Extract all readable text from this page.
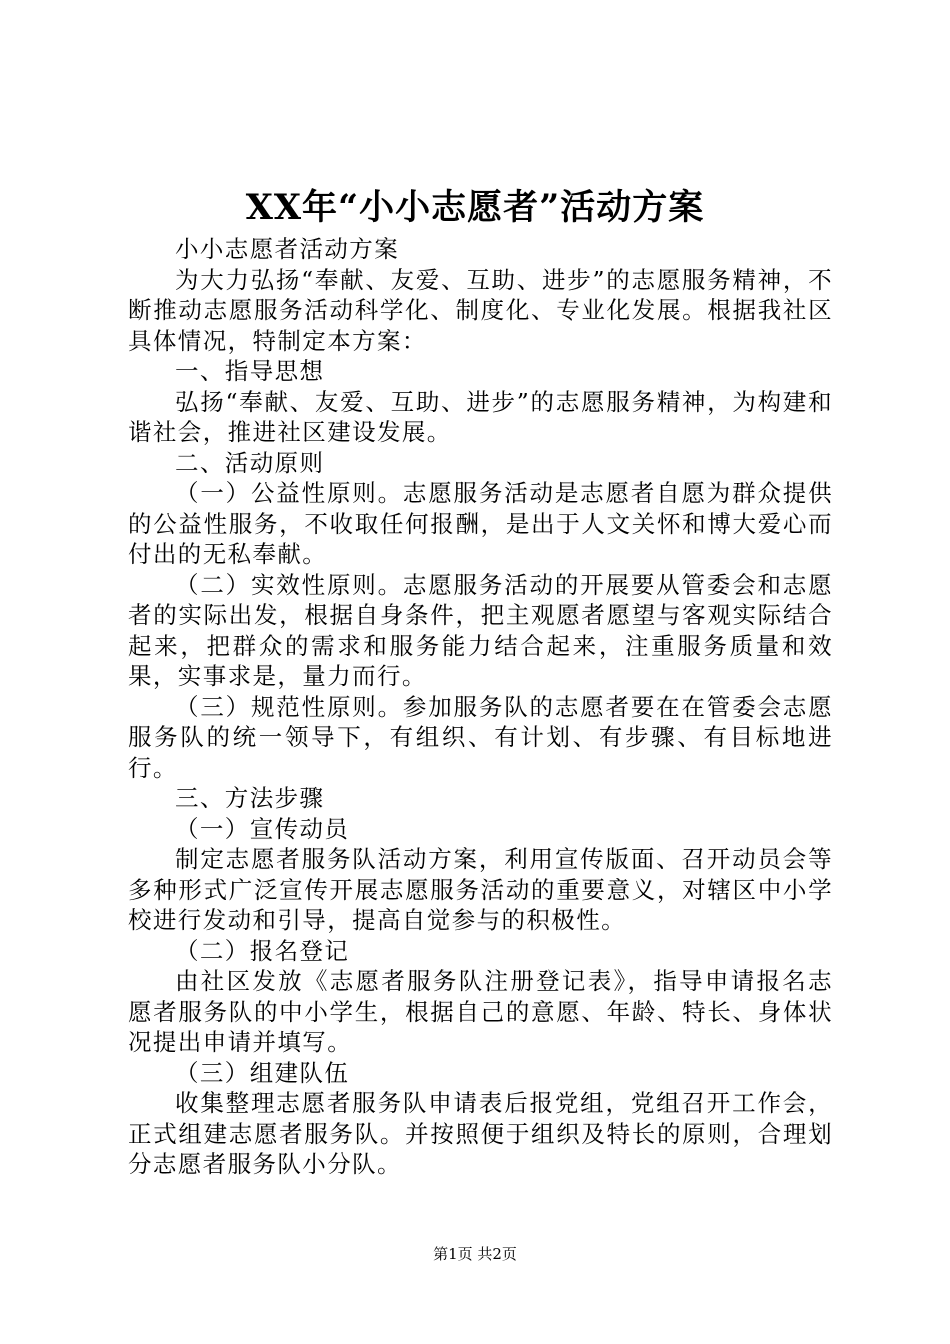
XX年“小小志愿者”活动方案

小小志愿者活动方案

为大力弘扬“奉献、友爱、互助、进步”的志愿服务精神，不断推动志愿服务活动科学化、制度化、专业化发展。根据我社区具体情况，特制定本方案：

一、指导思想

弘扬“奉献、友爱、互助、进步”的志愿服务精神，为构建和谐社会，推进社区建设发展。

二、活动原则

（一）公益性原则。志愿服务活动是志愿者自愿为群众提供的公益性服务，不收取任何报酬，是出于人文关怀和博大爱心而付出的无私奉献。

（二）实效性原则。志愿服务活动的开展要从管委会和志愿者的实际出发，根据自身条件，把主观愿者愿望与客观实际结合起来，把群众的需求和服务能力结合起来，注重服务质量和效果，实事求是，量力而行。

（三）规范性原则。参加服务队的志愿者要在在管委会志愿服务队的统一领导下，有组织、有计划、有步骤、有目标地进行。

三、方法步骤

（一）宣传动员

制定志愿者服务队活动方案，利用宣传版面、召开动员会等多种形式广泛宣传开展志愿服务活动的重要意义，对辖区中小学校进行发动和引导，提高自觉参与的积极性。

（二）报名登记

由社区发放《志愿者服务队注册登记表》，指导申请报名志愿者服务队的中小学生，根据自己的意愿、年龄、特长、身体状况提出申请并填写。

（三）组建队伍

收集整理志愿者服务队申请表后报党组，党组召开工作会，正式组建志愿者服务队。并按照便于组织及特长的原则，合理划分志愿者服务队小分队。

第1页 共2页
